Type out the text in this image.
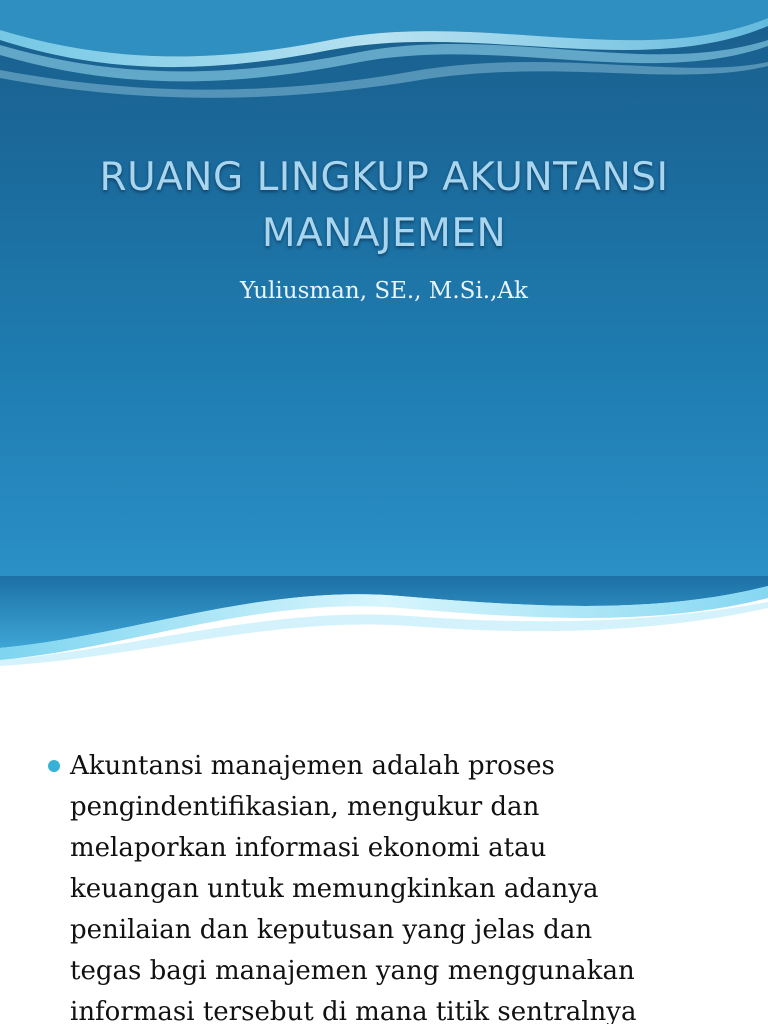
RUANG LINGKUP AKUNTANSI
MANAJEMEN
Yuliusman, SE., M.Si.,Ak
Akuntansi manajemen adalah proses
pengindentifikasian, mengukur dan
melaporkan informasi ekonomi atau
keuangan untuk memungkinkan adanya
penilaian dan keputusan yang jelas dan
tegas bagi manajemen yang menggunakan
informasi tersebut di mana titik sentralnya
